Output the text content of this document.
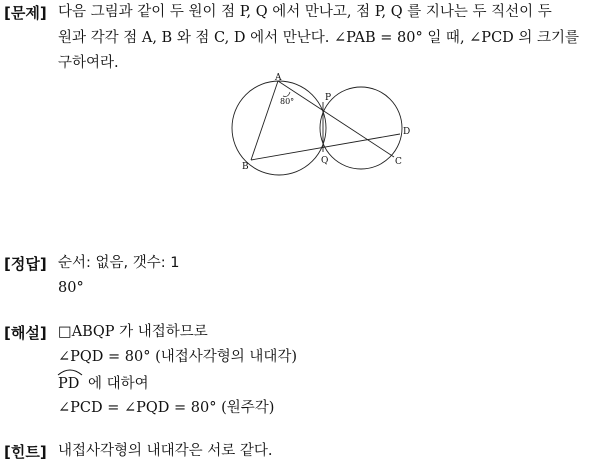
[문제] 다음 그림과 같이 두 원이 점 P, Q 에서 만나고, 점 P, Q 를 지나는 두 직선이 두
원과 각각 점 A, B 와 점 C, D 에서 만난다. ∠PAB = 80° 일 때, ∠PCD 의 크기를
구하여라.
A
P
D
B
Q	C
80°
[정답] 순서: 없음, 갯수: 1
80°
[해설] □ABQP 가 내접하므로
∠PQD = 80° (내접사각형의 내대각)
PD 에 대하여
∠PCD = ∠PQD = 80° (원주각)
[힌트] 내접사각형의 내대각은 서로 같다.
